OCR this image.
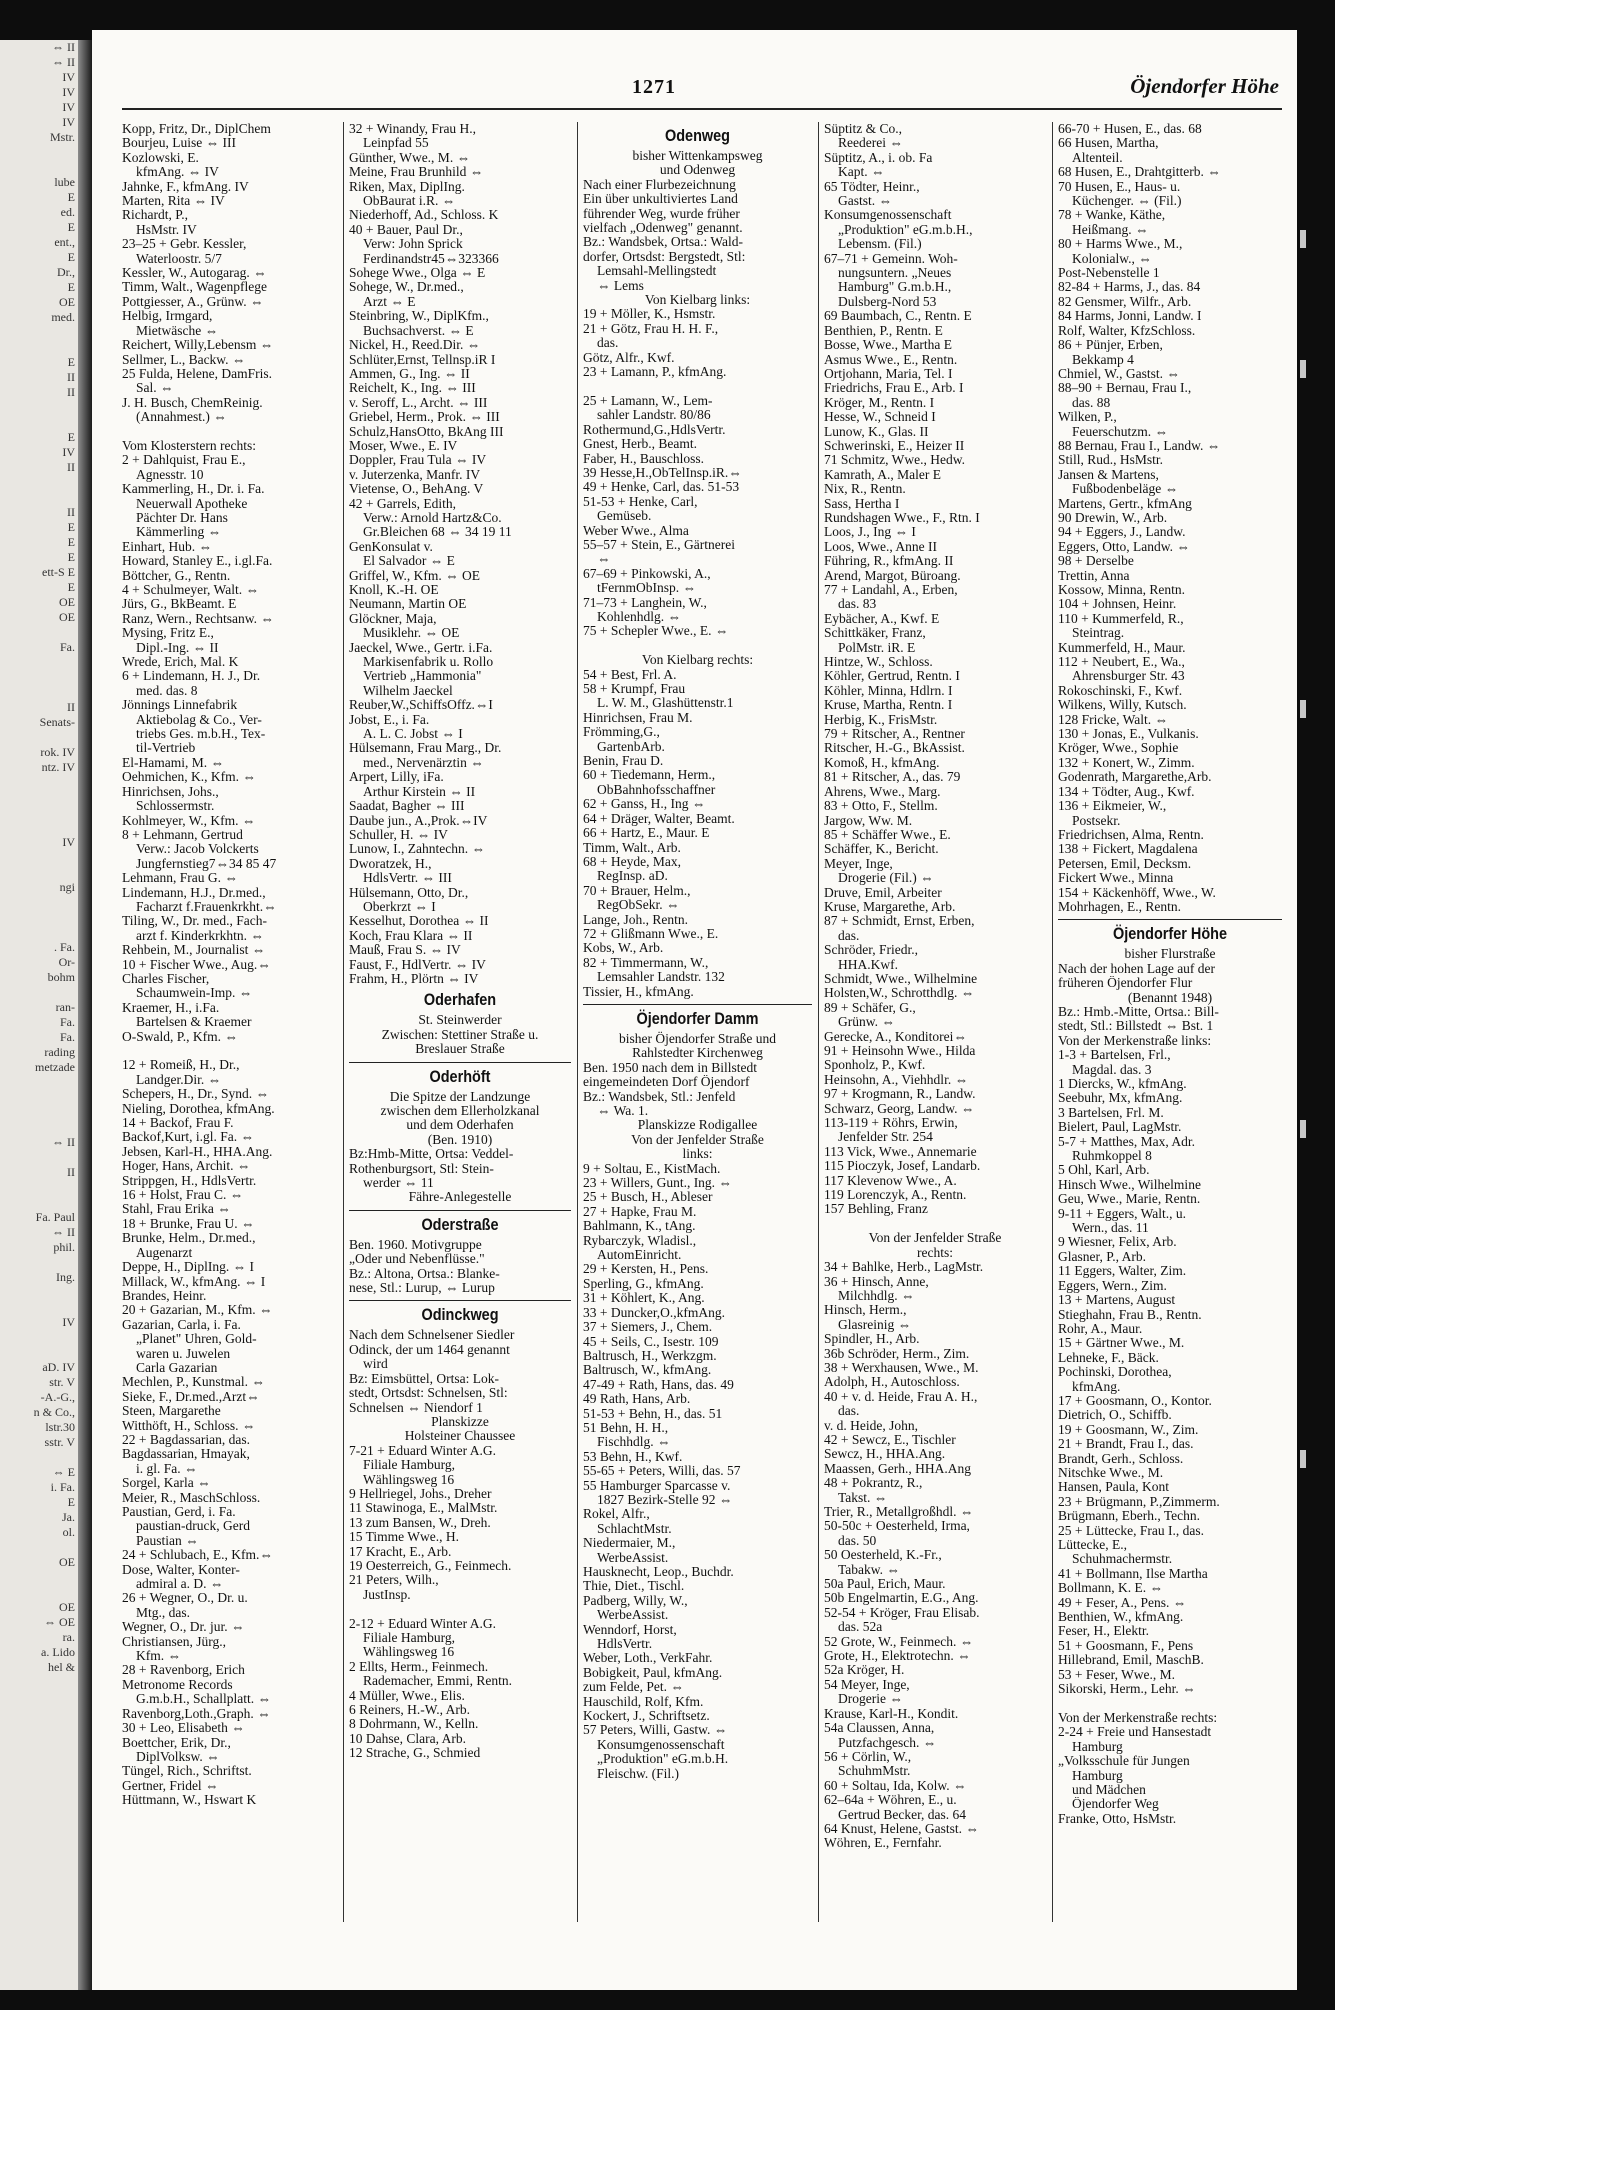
⇔ II
⇔ II
IV
IV
IV
IV
Mstr.

lube
E
ed.
E
ent.,
E
Dr.,
E
OE
med.

E
II
II

E
IV
II

II
E
E
E
ett-S E
E
OE
OE

Fa.

II
Senats-

rok. IV
ntz. IV

IV

ngi

. Fa.
Or-
bohm

ran-
Fa.
Fa.
rading
metzade

⇔ II

II

Fa. Paul
⇔ II
phil.

Ing.

IV

aD. IV
str. V
-A.-G.,
n & Co.,
lstr.30
sstr. V

⇔ E
i. Fa.
E
Ja.
ol.

OE

OE
⇔ OE
ra.
a. Lido
hel &
1271	Öjendorfer Höhe
Kopp, Fritz, Dr., DiplChem
Bourjeu, Luise ⇔ III
Kozlowski, E.
kfmAng. ⇔ IV
Jahnke, F., kfmAng. IV
Marten, Rita ⇔ IV
Richardt, P.,
HsMstr. IV
23–25 + Gebr. Kessler,
Waterloostr. 5/7
Kessler, W., Autogarag. ⇔
Timm, Walt., Wagenpflege
Pottgiesser, A., Grünw. ⇔
Helbig, Irmgard,
Mietwäsche ⇔
Reichert, Willy,Lebensm ⇔
Sellmer, L., Backw. ⇔
25 Fulda, Helene, DamFris.
Sal. ⇔
J. H. Busch, ChemReinig.
(Annahmest.) ⇔

Vom Klosterstern rechts:
2 + Dahlquist, Frau E.,
Agnesstr. 10
Kammerling, H., Dr. i. Fa.
Neuerwall Apotheke
Pächter Dr. Hans
Kämmerling ⇔
Einhart, Hub. ⇔
Howard, Stanley E., i.gl.Fa.
Böttcher, G., Rentn.
4 + Schulmeyer, Walt. ⇔
Jürs, G., BkBeamt. E
Ranz, Wern., Rechtsanw. ⇔
Mysing, Fritz E.,
Dipl.-Ing. ⇔ II
Wrede, Erich, Mal. K
6 + Lindemann, H. J., Dr.
med. das. 8
Jönnings Linnefabrik
Aktiebolag & Co., Ver-
triebs Ges. m.b.H., Tex-
til-Vertrieb
El-Hamami, M. ⇔
Oehmichen, K., Kfm. ⇔
Hinrichsen, Johs.,
Schlossermstr.
Kohlmeyer, W., Kfm. ⇔
8 + Lehmann, Gertrud
Verw.: Jacob Volckerts
Jungfernstieg7⇔34 85 47
Lehmann, Frau G. ⇔
Lindemann, H.J., Dr.med.,
Facharzt f.Frauenkrkht.⇔
Tiling, W., Dr. med., Fach-
arzt f. Kinderkrkhtn. ⇔
Rehbein, M., Journalist ⇔
10 + Fischer Wwe., Aug.⇔
Charles Fischer,
Schaumwein-Imp. ⇔
Kraemer, H., i.Fa.
Bartelsen & Kraemer
O-Swald, P., Kfm. ⇔

12 + Romeiß, H., Dr.,
Landger.Dir. ⇔
Schepers, H., Dr., Synd. ⇔
Nieling, Dorothea, kfmAng.
14 + Backof, Frau F.
Backof,Kurt, i.gl. Fa. ⇔
Jebsen, Karl-H., HHA.Ang.
Hoger, Hans, Archit. ⇔
Strippgen, H., HdlsVertr.
16 + Holst, Frau C. ⇔
Stahl, Frau Erika ⇔
18 + Brunke, Frau U. ⇔
Brunke, Helm., Dr.med.,
Augenarzt
Deppe, H., DiplIng. ⇔ I
Millack, W., kfmAng. ⇔ I
Brandes, Heinr.
20 + Gazarian, M., Kfm. ⇔
Gazarian, Carla, i. Fa.
„Planet" Uhren, Gold-
waren u. Juwelen
Carla Gazarian
Mechlen, P., Kunstmal. ⇔
Sieke, F., Dr.med.,Arzt⇔
Steen, Margarethe
Witthöft, H., Schloss. ⇔
22 + Bagdassarian, das.
Bagdassarian, Hmayak,
i. gl. Fa. ⇔
Sorgel, Karla ⇔
Meier, R., MaschSchloss.
Paustian, Gerd, i. Fa.
paustian-druck, Gerd
Paustian ⇔
24 + Schlubach, E., Kfm.⇔
Dose, Walter, Konter-
admiral a. D. ⇔
26 + Wegner, O., Dr. u.
Mtg., das.
Wegner, O., Dr. jur. ⇔
Christiansen, Jürg.,
Kfm. ⇔
28 + Ravenborg, Erich
Metronome Records
G.m.b.H., Schallplatt. ⇔
Ravenborg,Loth.,Graph. ⇔
30 + Leo, Elisabeth ⇔
Boettcher, Erik, Dr.,
DiplVolksw. ⇔
Tüngel, Rich., Schriftst.
Gertner, Fridel ⇔
Hüttmann, W., Hswart K
32 + Winandy, Frau H.,
Leinpfad 55
Günther, Wwe., M. ⇔
Meine, Frau Brunhild ⇔
Riken, Max, DiplIng.
ObBaurat i.R. ⇔
Niederhoff, Ad., Schloss. K
40 + Bauer, Paul Dr.,
Verw: John Sprick
Ferdinandstr45⇔323366
Sohege Wwe., Olga ⇔ E
Sohege, W., Dr.med.,
Arzt ⇔ E
Steinbring, W., DiplKfm.,
Buchsachverst. ⇔ E
Nickel, H., Reed.Dir. ⇔
Schlüter,Ernst, Tellnsp.iR I
Ammen, G., Ing. ⇔ II
Reichelt, K., Ing. ⇔ III
v. Seroff, L., Archt. ⇔ III
Griebel, Herm., Prok. ⇔ III
Schulz,HansOtto, BkAng III
Moser, Wwe., E. IV
Doppler, Frau Tula ⇔ IV
v. Juterzenka, Manfr. IV
Vietense, O., BehAng. V
42 + Garrels, Edith,
Verw.: Arnold Hartz&Co.
Gr.Bleichen 68 ⇔ 34 19 11
GenKonsulat v.
El Salvador ⇔ E
Griffel, W., Kfm. ⇔ OE
Knoll, K.-H. OE
Neumann, Martin OE
Glöckner, Maja,
Musiklehr. ⇔ OE
Jaeckel, Wwe., Gertr. i.Fa.
Markisenfabrik u. Rollo
Vertrieb „Hammonia"
Wilhelm Jaeckel
Reuber,W.,SchiffsOffz.⇔I
Jobst, E., i. Fa.
A. L. C. Jobst ⇔ I
Hülsemann, Frau Marg., Dr.
med., Nervenärztin ⇔
Arpert, Lilly, iFa.
Arthur Kirstein ⇔ II
Saadat, Bagher ⇔ III
Daube jun., A.,Prok.⇔IV
Schuller, H. ⇔ IV
Lunow, I., Zahntechn. ⇔
Dworatzek, H.,
HdlsVertr. ⇔ III
Hülsemann, Otto, Dr.,
Oberkrzt ⇔ I
Kesselhut, Dorothea ⇔ II
Koch, Frau Klara ⇔ II
Mauß, Frau S. ⇔ IV
Faust, F., HdlVertr. ⇔ IV
Frahm, H., Plörtn ⇔ IV
Oderhafen
St. Steinwerder
Zwischen: Stettiner Straße u.
Breslauer Straße
Oderhöft
Die Spitze der Landzunge
zwischen dem Ellerholzkanal
und dem Oderhafen
(Ben. 1910)
Bz:Hmb-Mitte, Ortsa: Veddel-
Rothenburgsort, Stl: Stein-
werder ⇔ 11
Fähre-Anlegestelle
Oderstraße
Ben. 1960. Motivgruppe
„Oder und Nebenflüsse."
Bz.: Altona, Ortsa.: Blanke-
nese, Stl.: Lurup, ⇔ Lurup
Odinckweg
Nach dem Schnelsener Siedler
Odinck, der um 1464 genannt
wird
Bz: Eimsbüttel, Ortsa: Lok-
stedt, Ortsdst: Schnelsen, Stl:
Schnelsen ⇔ Niendorf 1
Planskizze
Holsteiner Chaussee
7-21 + Eduard Winter A.G.
Filiale Hamburg,
Wählingsweg 16
9 Hellriegel, Johs., Dreher
11 Stawinoga, E., MalMstr.
13 zum Bansen, W., Dreh.
15 Timme Wwe., H.
17 Kracht, E., Arb.
19 Oesterreich, G., Feinmech.
21 Peters, Wilh.,
JustInsp.

2-12 + Eduard Winter A.G.
Filiale Hamburg,
Wählingsweg 16
2 Ellts, Herm., Feinmech.
Rademacher, Emmi, Rentn.
4 Müller, Wwe., Elis.
6 Reiners, H.-W., Arb.
8 Dohrmann, W., Kelln.
10 Dahse, Clara, Arb.
12 Strache, G., Schmied
Odenweg
bisher Wittenkampsweg
und Odenweg
Nach einer Flurbezeichnung
Ein über unkultiviertes Land
führender Weg, wurde früher
vielfach „Odenweg" genannt.
Bz.: Wandsbek, Ortsa.: Wald-
dorfer, Ortsdst: Bergstedt, Stl:
Lemsahl-Mellingstedt
⇔ Lems
Von Kielbarg links:
19 + Möller, K., Hsmstr.
21 + Götz, Frau H. H. F.,
das.
Götz, Alfr., Kwf.
23 + Lamann, P., kfmAng.

25 + Lamann, W., Lem-
sahler Landstr. 80/86
Rothermund,G.,HdlsVertr.
Gnest, Herb., Beamt.
Faber, H., Bauschloss.
39 Hesse,H.,ObTelInsp.iR.⇔
49 + Henke, Carl, das. 51-53
51-53 + Henke, Carl,
Gemüseb.
Weber Wwe., Alma
55–57 + Stein, E., Gärtnerei
⇔
67–69 + Pinkowski, A.,
tFernmObInsp. ⇔
71–73 + Langhein, W.,
Kohlenhdlg. ⇔
75 + Schepler Wwe., E. ⇔

Von Kielbarg rechts:
54 + Best, Frl. A.
58 + Krumpf, Frau
L. W. M., Glashüttenstr.1
Hinrichsen, Frau M.
Frömming,G.,
GartenbArb.
Benin, Frau D.
60 + Tiedemann, Herm.,
ObBahnhofsschaffner
62 + Ganss, H., Ing ⇔
64 + Dräger, Walter, Beamt.
66 + Hartz, E., Maur. E
Timm, Walt., Arb.
68 + Heyde, Max,
RegInsp. aD.
70 + Brauer, Helm.,
RegObSekr. ⇔
Lange, Joh., Rentn.
72 + Glißmann Wwe., E.
Kobs, W., Arb.
82 + Timmermann, W.,
Lemsahler Landstr. 132
Tissier, H., kfmAng.
Öjendorfer Damm
bisher Öjendorfer Straße und
Rahlstedter Kirchenweg
Ben. 1950 nach dem in Billstedt
eingemeindeten Dorf Öjendorf
Bz.: Wandsbek, Stl.: Jenfeld
⇔ Wa. 1.
Planskizze Rodigallee
Von der Jenfelder Straße
links:
9 + Soltau, E., KistMach.
23 + Willers, Gunt., Ing. ⇔
25 + Busch, H., Ableser
27 + Hapke, Frau M.
Bahlmann, K., tAng.
Rybarczyk, Wladisl.,
AutomEinricht.
29 + Kersten, H., Pens.
Sperling, G., kfmAng.
31 + Köhlert, K., Ang.
33 + Duncker,O.,kfmAng.
37 + Siemers, J., Chem.
45 + Seils, C., Isestr. 109
Baltrusch, H., Werkzgm.
Baltrusch, W., kfmAng.
47-49 + Rath, Hans, das. 49
49 Rath, Hans, Arb.
51-53 + Behn, H., das. 51
51 Behn, H. H.,
Fischhdlg. ⇔
53 Behn, H., Kwf.
55-65 + Peters, Willi, das. 57
55 Hamburger Sparcasse v.
1827 Bezirk-Stelle 92 ⇔
Rokel, Alfr.,
SchlachtMstr.
Niedermaier, M.,
WerbeAssist.
Hausknecht, Leop., Buchdr.
Thie, Diet., Tischl.
Padberg, Willy, W.,
WerbeAssist.
Wenndorf, Horst,
HdlsVertr.
Weber, Loth., VerkFahr.
Bobigkeit, Paul, kfmAng.
zum Felde, Pet. ⇔
Hauschild, Rolf, Kfm.
Kockert, J., Schriftsetz.
57 Peters, Willi, Gastw. ⇔
Konsumgenossenschaft
„Produktion" eG.m.b.H.
Fleischw. (Fil.)
Süptitz & Co.,
Reederei ⇔
Süptitz, A., i. ob. Fa
Kapt. ⇔
65 Tödter, Heinr.,
Gastst. ⇔
Konsumgenossenschaft
„Produktion" eG.m.b.H.,
Lebensm. (Fil.)
67–71 + Gemeinn. Woh-
nungsuntern. „Neues
Hamburg" G.m.b.H.,
Dulsberg-Nord 53
69 Baumbach, C., Rentn. E
Benthien, P., Rentn. E
Bosse, Wwe., Martha E
Asmus Wwe., E., Rentn.
Ortjohann, Maria, Tel. I
Friedrichs, Frau E., Arb. I
Kröger, M., Rentn. I
Hesse, W., Schneid I
Lunow, K., Glas. II
Schwerinski, E., Heizer II
71 Schmitz, Wwe., Hedw.
Kamrath, A., Maler E
Nix, R., Rentn.
Sass, Hertha I
Rundshagen Wwe., F., Rtn. I
Loos, J., Ing ⇔ I
Loos, Wwe., Anne II
Führing, R., kfmAng. II
Arend, Margot, Büroang.
77 + Landahl, A., Erben,
das. 83
Eybächer, A., Kwf. E
Schittkäker, Franz,
PolMstr. iR. E
Hintze, W., Schloss.
Köhler, Gertrud, Rentn. I
Köhler, Minna, Hdlrn. I
Kruse, Martha, Rentn. I
Herbig, K., FrisMstr.
79 + Ritscher, A., Rentner
Ritscher, H.-G., BkAssist.
Komoß, H., kfmAng.
81 + Ritscher, A., das. 79
Ahrens, Wwe., Marg.
83 + Otto, F., Stellm.
Jargow, Ww. M.
85 + Schäffer Wwe., E.
Schäffer, K., Bericht.
Meyer, Inge,
Drogerie (Fil.) ⇔
Druve, Emil, Arbeiter
Kruse, Margarethe, Arb.
87 + Schmidt, Ernst, Erben,
das.
Schröder, Friedr.,
HHA.Kwf.
Schmidt, Wwe., Wilhelmine
Holsten,W., Schrotthdlg. ⇔
89 + Schäfer, G.,
Grünw. ⇔
Gerecke, A., Konditorei⇔
91 + Heinsohn Wwe., Hilda
Sponholz, P., Kwf.
Heinsohn, A., Viehhdlr. ⇔
97 + Krogmann, R., Landw.
Schwarz, Georg, Landw. ⇔
113-119 + Röhrs, Erwin,
Jenfelder Str. 254
113 Vick, Wwe., Annemarie
115 Pioczyk, Josef, Landarb.
117 Klevenow Wwe., A.
119 Lorenczyk, A., Rentn.
157 Behling, Franz

Von der Jenfelder Straße
rechts:
34 + Bahlke, Herb., LagMstr.
36 + Hinsch, Anne,
Milchhdlg. ⇔
Hinsch, Herm.,
Glasreinig ⇔
Spindler, H., Arb.
36b Schröder, Herm., Zim.
38 + Werxhausen, Wwe., M.
Adolph, H., Autoschloss.
40 + v. d. Heide, Frau A. H.,
das.
v. d. Heide, John,
42 + Sewcz, E., Tischler
Sewcz, H., HHA.Ang.
Maassen, Gerh., HHA.Ang
48 + Pokrantz, R.,
Takst. ⇔
Trier, R., Metallgroßhdl. ⇔
50-50c + Oesterheld, Irma,
das. 50
50 Oesterheld, K.-Fr.,
Tabakw. ⇔
50a Paul, Erich, Maur.
50b Engelmartin, E.G., Ang.
52-54 + Kröger, Frau Elisab.
das. 52a
52 Grote, W., Feinmech. ⇔
Grote, H., Elektrotechn. ⇔
52a Kröger, H.
54 Meyer, Inge,
Drogerie ⇔
Krause, Karl-H., Kondit.
54a Claussen, Anna,
Putzfachgesch. ⇔
56 + Cörlin, W.,
SchuhmMstr.
60 + Soltau, Ida, Kolw. ⇔
62–64a + Wöhren, E., u.
Gertrud Becker, das. 64
64 Knust, Helene, Gastst. ⇔
Wöhren, E., Fernfahr.
66-70 + Husen, E., das. 68
66 Husen, Martha,
Altenteil.
68 Husen, E., Drahtgitterb. ⇔
70 Husen, E., Haus- u.
Küchenger. ⇔ (Fil.)
78 + Wanke, Käthe,
Heißmang. ⇔
80 + Harms Wwe., M.,
Kolonialw., ⇔
Post-Nebenstelle 1
82-84 + Harms, J., das. 84
82 Gensmer, Wilfr., Arb.
84 Harms, Jonni, Landw. I
Rolf, Walter, KfzSchloss.
86 + Pünjer, Erben,
Bekkamp 4
Chmiel, W., Gastst. ⇔
88–90 + Bernau, Frau I.,
das. 88
Wilken, P.,
Feuerschutzm. ⇔
88 Bernau, Frau I., Landw. ⇔
Still, Rud., HsMstr.
Jansen & Martens,
Fußbodenbeläge ⇔
Martens, Gertr., kfmAng
90 Drewin, W., Arb.
94 + Eggers, J., Landw.
Eggers, Otto, Landw. ⇔
98 + Derselbe
Trettin, Anna
Kossow, Minna, Rentn.
104 + Johnsen, Heinr.
110 + Kummerfeld, R.,
Steintrag.
Kummerfeld, H., Maur.
112 + Neubert, E., Wa.,
Ahrensburger Str. 43
Rokoschinski, F., Kwf.
Wilkens, Willy, Kutsch.
128 Fricke, Walt. ⇔
130 + Jonas, E., Vulkanis.
Kröger, Wwe., Sophie
132 + Konert, W., Zimm.
Godenrath, Margarethe,Arb.
134 + Tödter, Aug., Kwf.
136 + Eikmeier, W.,
Postsekr.
Friedrichsen, Alma, Rentn.
138 + Fickert, Magdalena
Petersen, Emil, Decksm.
Fickert Wwe., Minna
154 + Käckenhöff, Wwe., W.
Mohrhagen, E., Rentn.
Öjendorfer Höhe
bisher Flurstraße
Nach der hohen Lage auf der
früheren Öjendorfer Flur
(Benannt 1948)
Bz.: Hmb.-Mitte, Ortsa.: Bill-
stedt, Stl.: Billstedt ⇔ Bst. 1
Von der Merkenstraße links:
1-3 + Bartelsen, Frl.,
Magdal. das. 3
1 Diercks, W., kfmAng.
Seebuhr, Mx, kfmAng.
3 Bartelsen, Frl. M.
Bielert, Paul, LagMstr.
5-7 + Matthes, Max, Adr.
Ruhmkoppel 8
5 Ohl, Karl, Arb.
Hinsch Wwe., Wilhelmine
Geu, Wwe., Marie, Rentn.
9-11 + Eggers, Walt., u.
Wern., das. 11
9 Wiesner, Felix, Arb.
Glasner, P., Arb.
11 Eggers, Walter, Zim.
Eggers, Wern., Zim.
13 + Martens, August
Stieghahn, Frau B., Rentn.
Rohr, A., Maur.
15 + Gärtner Wwe., M.
Lehneke, F., Bäck.
Pochinski, Dorothea,
kfmAng.
17 + Goosmann, O., Kontor.
Dietrich, O., Schiffb.
19 + Goosmann, W., Zim.
21 + Brandt, Frau I., das.
Brandt, Gerh., Schloss.
Nitschke Wwe., M.
Hansen, Paula, Kont
23 + Brügmann, P.,Zimmerm.
Brügmann, Eberh., Techn.
25 + Lüttecke, Frau I., das.
Lüttecke, E.,
Schuhmachermstr.
41 + Bollmann, Ilse Martha
Bollmann, K. E. ⇔
49 + Feser, A., Pens. ⇔
Benthien, W., kfmAng.
Feser, H., Elektr.
51 + Goosmann, F., Pens
Hillebrand, Emil, MaschB.
53 + Feser, Wwe., M.
Sikorski, Herm., Lehr. ⇔

Von der Merkenstraße rechts:
2-24 + Freie und Hansestadt
Hamburg
„Volksschule für Jungen
Hamburg
und Mädchen
Öjendorfer Weg
Franke, Otto, HsMstr.
